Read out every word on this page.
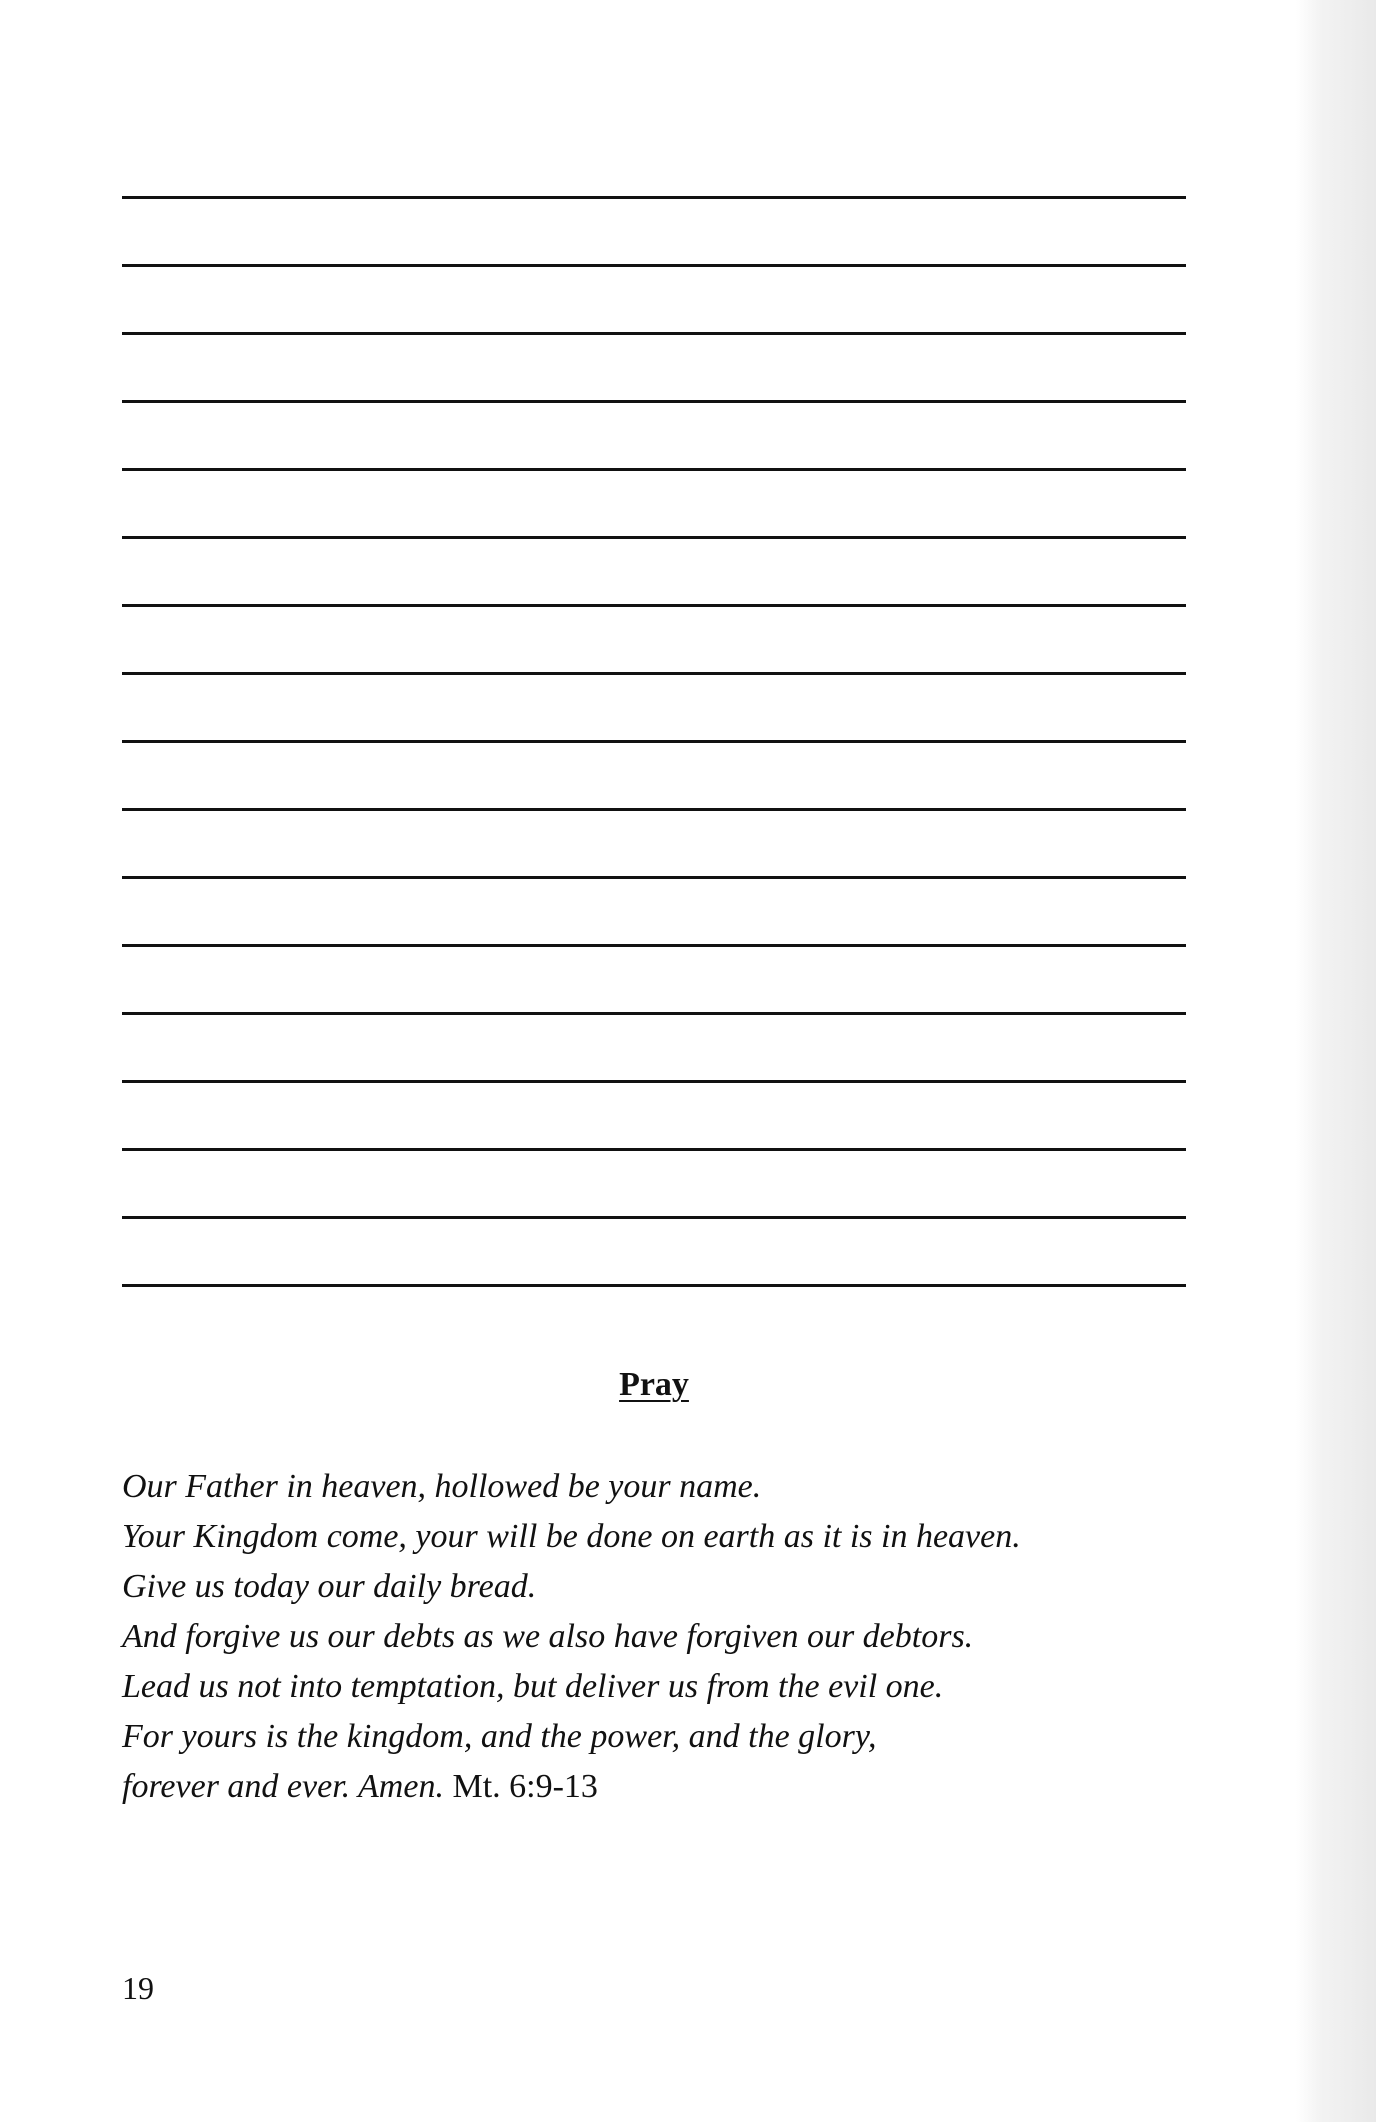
Pray
Our Father in heaven, hollowed be your name.
Your Kingdom come, your will be done on earth as it is in heaven.
Give us today our daily bread.
And forgive us our debts as we also have forgiven our debtors.
Lead us not into temptation, but deliver us from the evil one.
For yours is the kingdom, and the power, and the glory,
forever and ever. Amen. Mt. 6:9-13

19
